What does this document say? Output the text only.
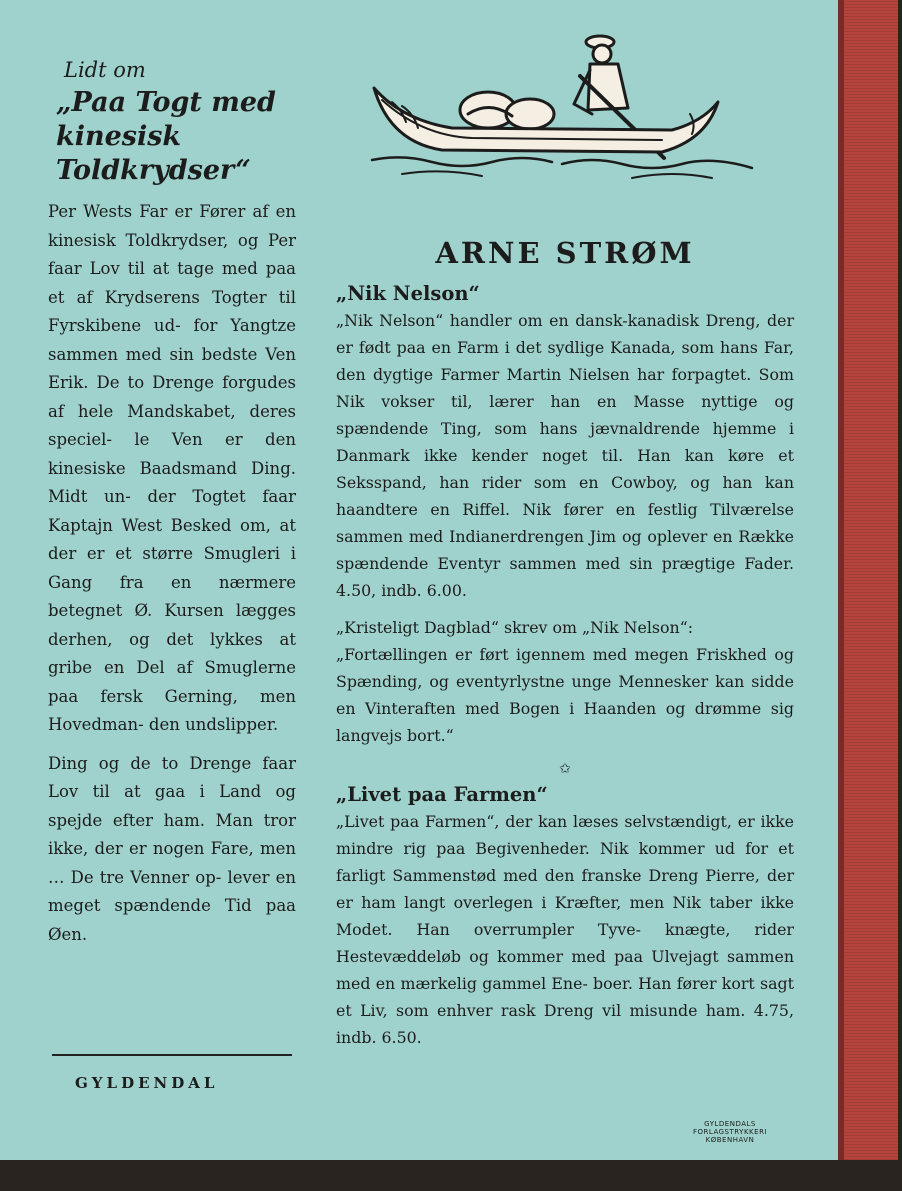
Lidt om

„Paa Togt med
kinesisk
Toldkrydser“

Per Wests Far er Fører af en kinesisk Toldkrydser, og Per faar Lov til at tage med paa et af Krydserens Togter til Fyrskibene ud- for Yangtze sammen med sin bedste Ven Erik. De to Drenge forgudes af hele Mandskabet, deres speciel- le Ven er den kinesiske Baadsmand Ding. Midt un- der Togtet faar Kaptajn West Besked om, at der er et større Smugleri i Gang fra en nærmere betegnet Ø. Kursen lægges derhen, og det lykkes at gribe en Del af Smuglerne paa fersk Gerning, men Hovedman- den undslipper.

Ding og de to Drenge faar Lov til at gaa i Land og spejde efter ham. Man tror ikke, der er nogen Fare, men … De tre Venner op- lever en meget spændende Tid paa Øen.

GYLDENDAL
ARNE STRØM
„Nik Nelson“

„Nik Nelson“ handler om en dansk-kanadisk Dreng, der er født paa en Farm i det sydlige Kanada, som hans Far, den dygtige Farmer Martin Nielsen har forpagtet. Som Nik vokser til, lærer han en Masse nyttige og spændende Ting, som hans jævnaldrende hjemme i Danmark ikke kender noget til. Han kan køre et Seksspand, han rider som en Cowboy, og han kan haandtere en Riffel. Nik fører en festlig Tilværelse sammen med Indianerdrengen Jim og oplever en Række spændende Eventyr sammen med sin prægtige Fader. 4.50, indb. 6.00.

„Kristeligt Dagblad“ skrev om „Nik Nelson“:

„Fortællingen er ført igennem med megen Friskhed og Spænding, og eventyrlystne unge Mennesker kan sidde en Vinteraften med Bogen i Haanden og drømme sig langvejs bort.“

✩
„Livet paa Farmen“

„Livet paa Farmen“, der kan læses selvstændigt, er ikke mindre rig paa Begivenheder. Nik kommer ud for et farligt Sammenstød med den franske Dreng Pierre, der er ham langt overlegen i Kræfter, men Nik taber ikke Modet. Han overrumpler Tyve- knægte, rider Hestevæddeløb og kommer med paa Ulvejagt sammen med en mærkelig gammel Ene- boer. Han fører kort sagt et Liv, som enhver rask Dreng vil misunde ham. 4.75, indb. 6.50.

GYLDENDALS
FORLAGSTRYKKERI
KØBENHAVN
